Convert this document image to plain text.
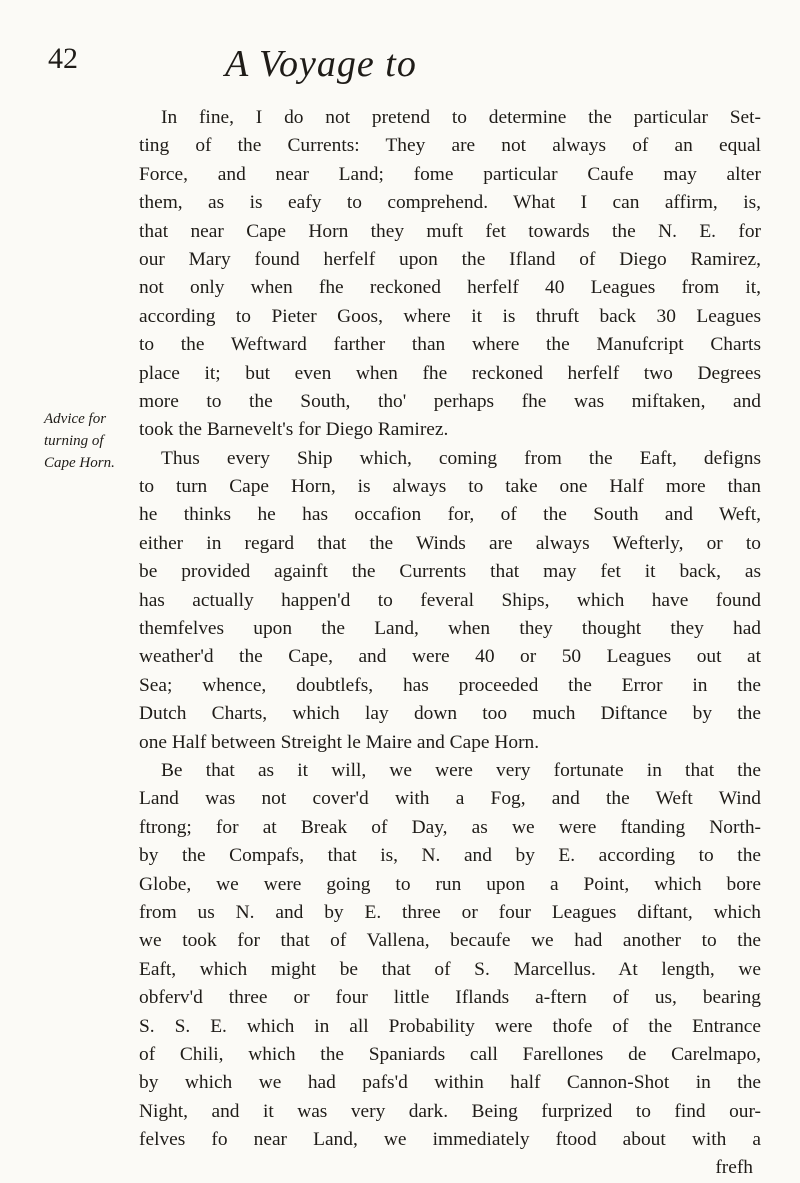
42	A Voyage to
Advice for
turning of
Cape Horn.
In fine, I do not pretend to determine the particular Set-
ting of the Currents: They are not always of an equal
Force, and near Land; fome particular Caufe may alter
them, as is eafy to comprehend. What I can affirm, is,
that near Cape Horn they muft fet towards the N. E. for
our Mary found herfelf upon the Ifland of Diego Ramirez,
not only when fhe reckoned herfelf 40 Leagues from it,
according to Pieter Goos, where it is thruft back 30 Leagues
to the Weftward farther than where the Manufcript Charts
place it; but even when fhe reckoned herfelf two Degrees
more to the South, tho' perhaps fhe was miftaken, and
took the Barnevelt's for Diego Ramirez.
Thus every Ship which, coming from the Eaft, defigns
to turn Cape Horn, is always to take one Half more than
he thinks he has occafion for, of the South and Weft,
either in regard that the Winds are always Wefterly, or to
be provided againft the Currents that may fet it back, as
has actually happen'd to feveral Ships, which have found
themfelves upon the Land, when they thought they had
weather'd the Cape, and were 40 or 50 Leagues out at
Sea; whence, doubtlefs, has proceeded the Error in the
Dutch Charts, which lay down too much Diftance by the
one Half between Streight le Maire and Cape Horn.
Be that as it will, we were very fortunate in that the
Land was not cover'd with a Fog, and the Weft Wind
ftrong; for at Break of Day, as we were ftanding North-
by the Compafs, that is, N. and by E. according to the
Globe, we were going to run upon a Point, which bore
from us N. and by E. three or four Leagues diftant, which
we took for that of Vallena, becaufe we had another to the
Eaft, which might be that of S. Marcellus. At length, we
obferv'd three or four little Iflands a-ftern of us, bearing
S. S. E. which in all Probability were thofe of the Entrance
of Chili, which the Spaniards call Farellones de Carelmapo,
by which we had pafs'd within half Cannon-Shot in the
Night, and it was very dark. Being furprized to find our-
felves fo near Land, we immediately ftood about with a
frefh
